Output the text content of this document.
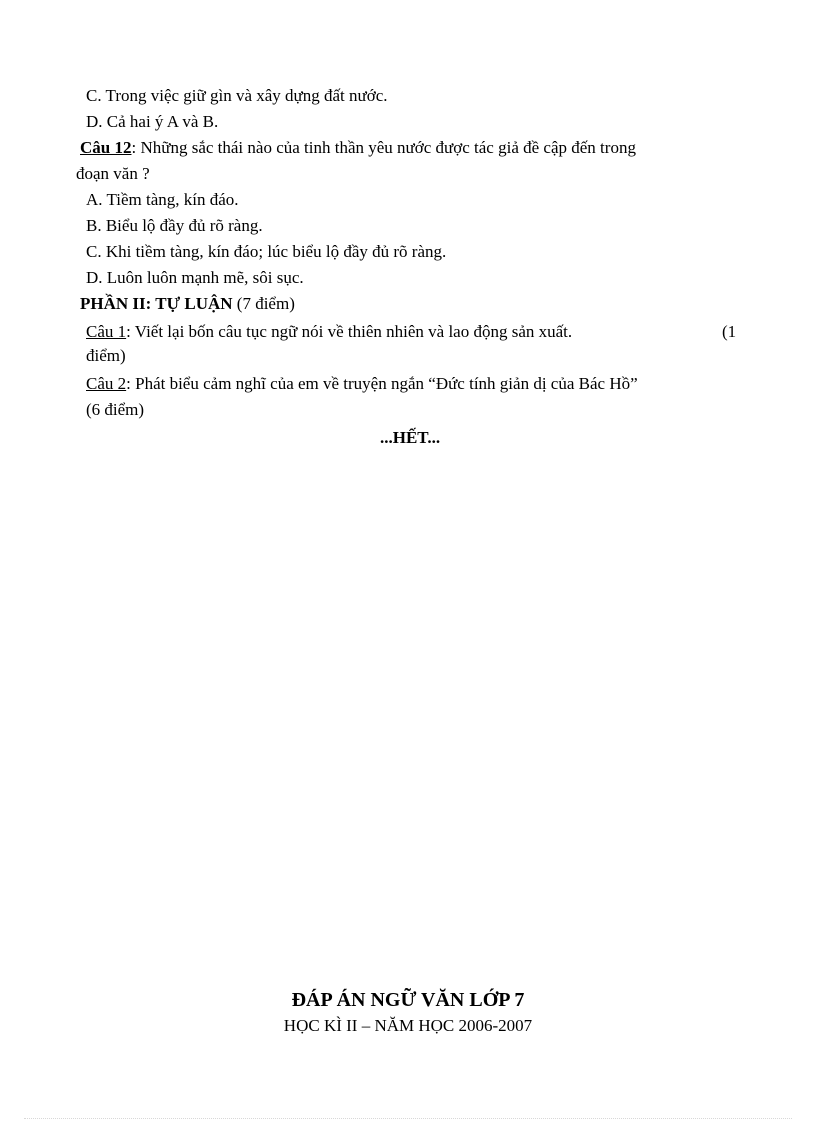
C. Trong việc giữ gìn và xây dựng đất nước.
D. Cả hai ý A và B.
Câu 12: Những sắc thái nào của tinh thần yêu nước được tác giả đề cập đến trong
đoạn văn ?
A. Tiềm tàng, kín đáo.
B. Biểu lộ đầy đủ rõ ràng.
C. Khi tiềm tàng, kín đáo; lúc biểu lộ đầy đủ rõ ràng.
D. Luôn luôn mạnh mẽ, sôi sục.
PHẦN II: TỰ LUẬN (7 điểm)
Câu 1: Viết lại bốn câu tục ngữ nói về thiên nhiên và lao động sản xuất.	(1
điểm)
Câu 2: Phát biểu cảm nghĩ của em về truyện ngắn “Đức tính giản dị của Bác Hồ”
(6 điểm)
...HẾT...
ĐÁP ÁN NGỮ VĂN LỚP 7
HỌC KÌ II – NĂM HỌC 2006-2007
